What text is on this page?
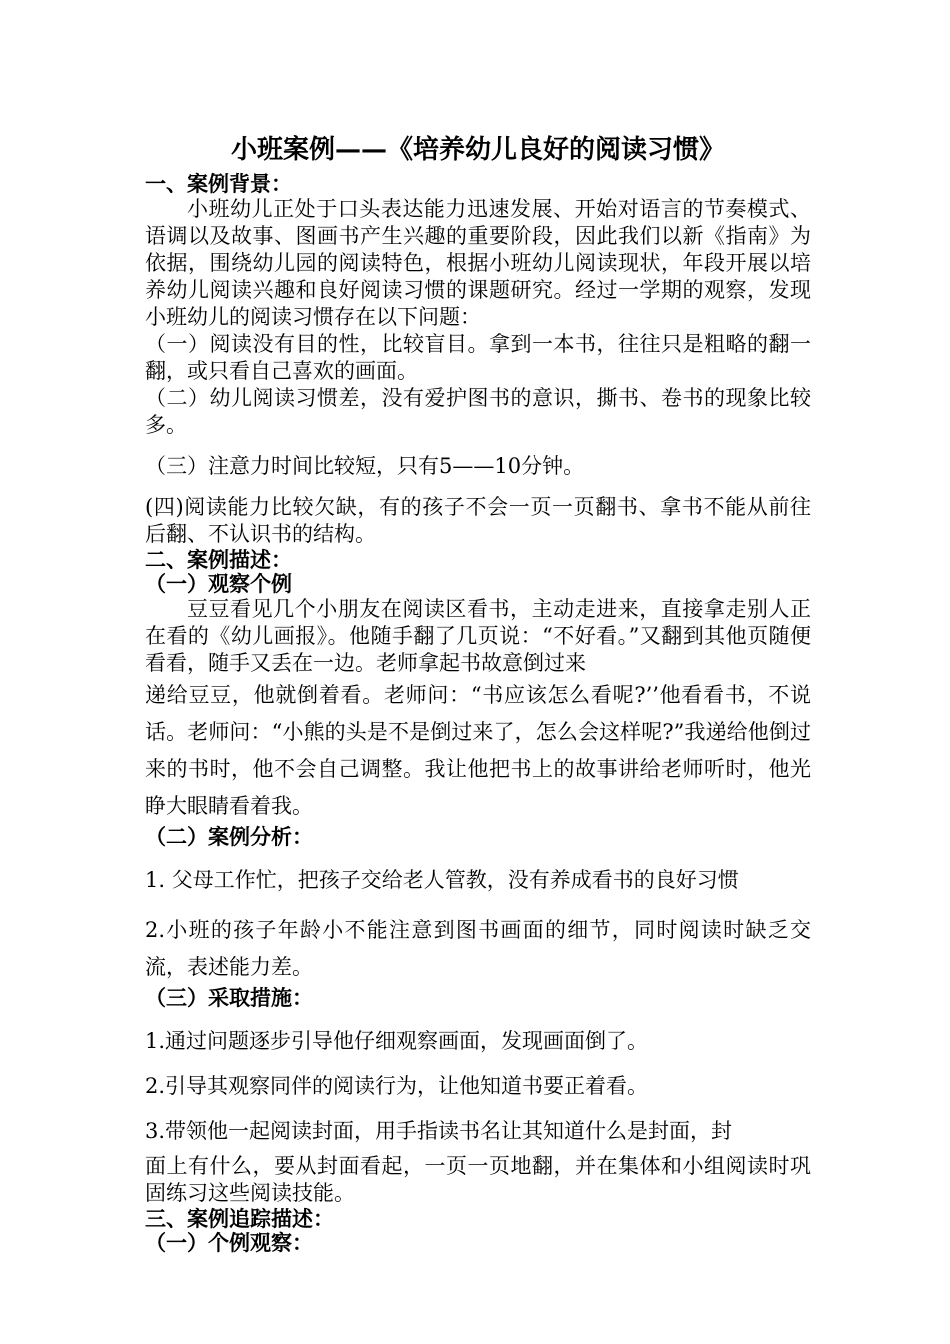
小班案例——《培养幼儿良好的阅读习惯》
一、案例背景：

小班幼儿正处于口头表达能力迅速发展、开始对语言的节奏模式、语调以及故事、图画书产生兴趣的重要阶段，因此我们以新《指南》为依据，围绕幼儿园的阅读特色，根据小班幼儿阅读现状，年段开展以培养幼儿阅读兴趣和良好阅读习惯的课题研究。经过一学期的观察，发现小班幼儿的阅读习惯存在以下问题：

（一）阅读没有目的性，比较盲目。拿到一本书，往往只是粗略的翻一翻，或只看自己喜欢的画面。

（二）幼儿阅读习惯差，没有爱护图书的意识，撕书、卷书的现象比较多。

（三）注意力时间比较短，只有5——10分钟。

(四)阅读能力比较欠缺，有的孩子不会一页一页翻书、拿书不能从前往后翻、不认识书的结构。

二、案例描述：
（一）观察个例

豆豆看见几个小朋友在阅读区看书，主动走进来，直接拿走别人正在看的《幼儿画报》。他随手翻了几页说：“不好看。”又翻到其他页随便看看，随手又丢在一边。老师拿起书故意倒过来

递给豆豆，他就倒着看。老师问：“书应该怎么看呢?’’他看看书，不说话。老师问：“小熊的头是不是倒过来了，怎么会这样呢?”我递给他倒过来的书时，他不会自己调整。我让他把书上的故事讲给老师听时，他光睁大眼睛看着我。

（二）案例分析：

1. 父母工作忙，把孩子交给老人管教，没有养成看书的良好习惯

2.小班的孩子年龄小不能注意到图书画面的细节，同时阅读时缺乏交流，表述能力差。

（三）采取措施：

1.通过问题逐步引导他仔细观察画面，发现画面倒了。

2.引导其观察同伴的阅读行为，让他知道书要正着看。

3.带领他一起阅读封面，用手指读书名让其知道什么是封面，封

面上有什么，要从封面看起，一页一页地翻，并在集体和小组阅读时巩固练习这些阅读技能。

三、案例追踪描述：
（一）个例观察：
